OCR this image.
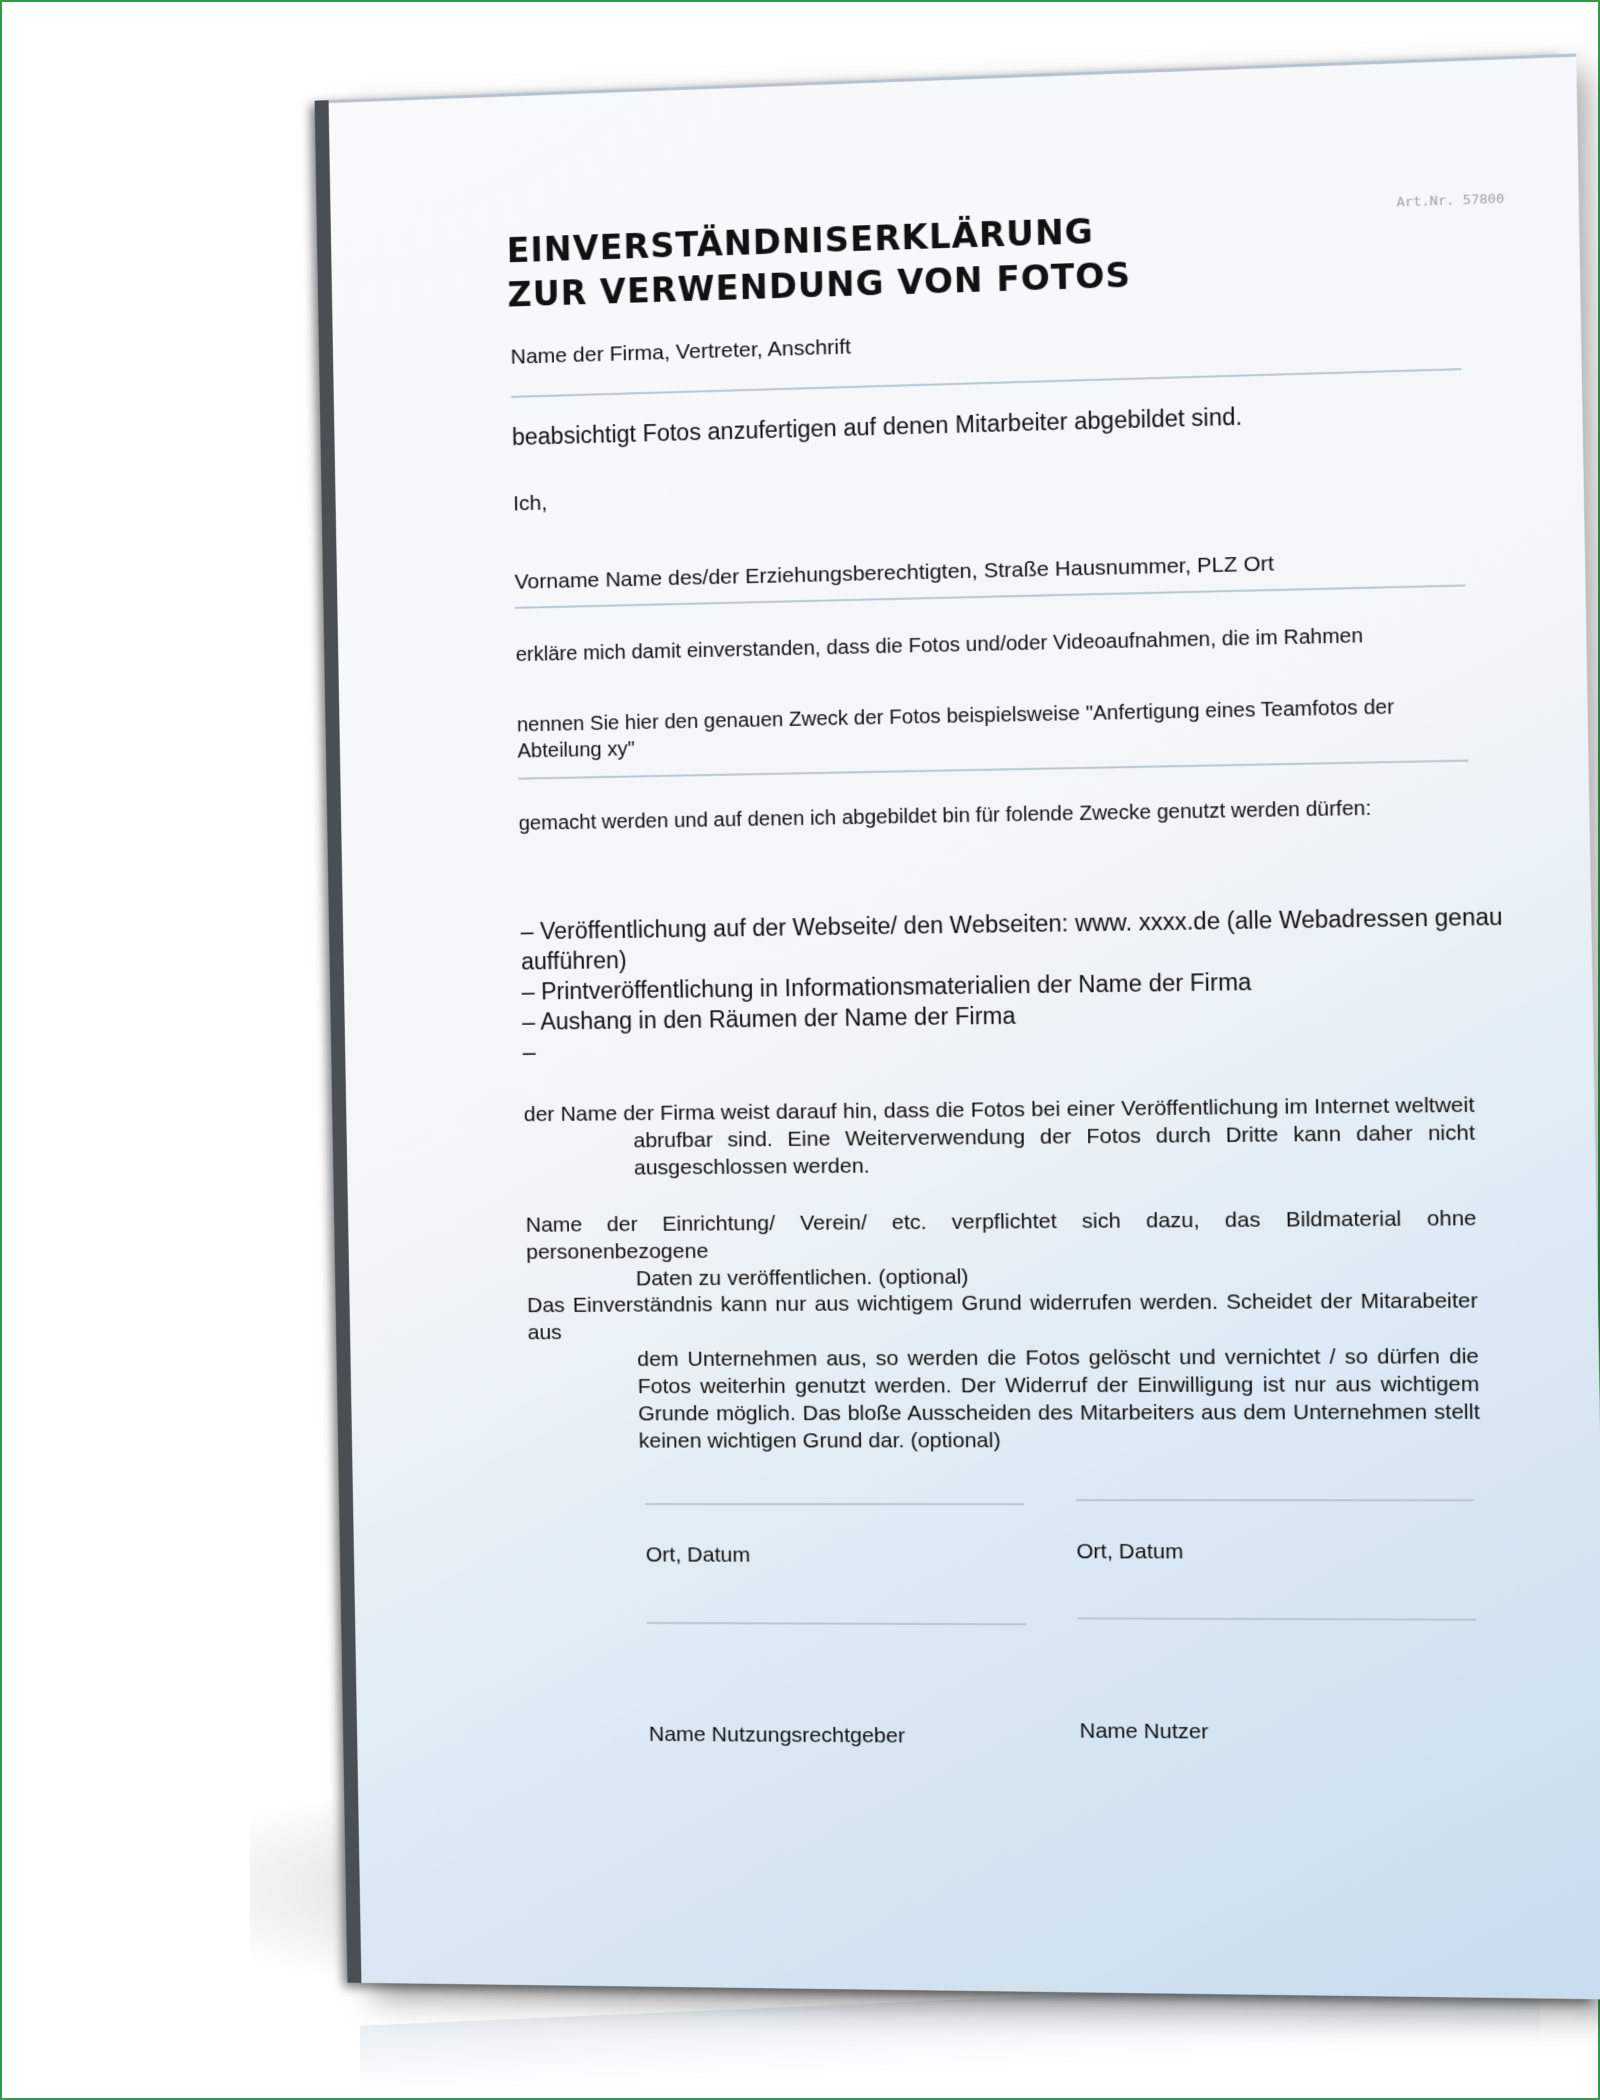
Art.Nr. 57800
EINVERSTÄNDNISERKLÄRUNG
ZUR VERWENDUNG VON FOTOS
Name der Firma, Vertreter, Anschrift
beabsichtigt Fotos anzufertigen auf denen Mitarbeiter abgebildet sind.
Ich,
Vorname Name des/der Erziehungsberechtigten, Straße Hausnummer, PLZ Ort
erkläre mich damit einverstanden, dass die Fotos und/oder Videoaufnahmen, die im Rahmen
nennen Sie hier den genauen Zweck der Fotos beispielsweise "Anfertigung eines Teamfotos der
Abteilung xy"
gemacht werden und auf denen ich abgebildet bin für folende Zwecke genutzt werden dürfen:
– Veröffentlichung auf der Webseite/ den Webseiten: www. xxxx.de (alle Webadressen genau
aufführen)
– Printveröffentlichung in Informationsmaterialien der Name der Firma
– Aushang in den Räumen der Name der Firma
–
der Name der Firma weist darauf hin, dass die Fotos bei einer Veröffentlichung im Internet weltweit
abrufbar sind. Eine Weiterverwendung der Fotos durch Dritte kann daher nicht ausgeschlossen werden.
Name der Einrichtung/ Verein/ etc. verpflichtet sich dazu, das Bildmaterial ohne personenbezogene
Daten zu veröffentlichen. (optional)
Das Einverständnis kann nur aus wichtigem Grund widerrufen werden. Scheidet der Mitarabeiter aus
dem Unternehmen aus, so werden die Fotos gelöscht und vernichtet / so dürfen die Fotos weiterhin genutzt werden. Der Widerruf der Einwilligung ist nur aus wichtigem Grunde möglich. Das bloße Ausscheiden des Mitarbeiters aus dem Unternehmen stellt keinen wichtigen Grund dar. (optional)
Ort, Datum	Ort, Datum
Name Nutzungsrechtgeber	Name Nutzer
